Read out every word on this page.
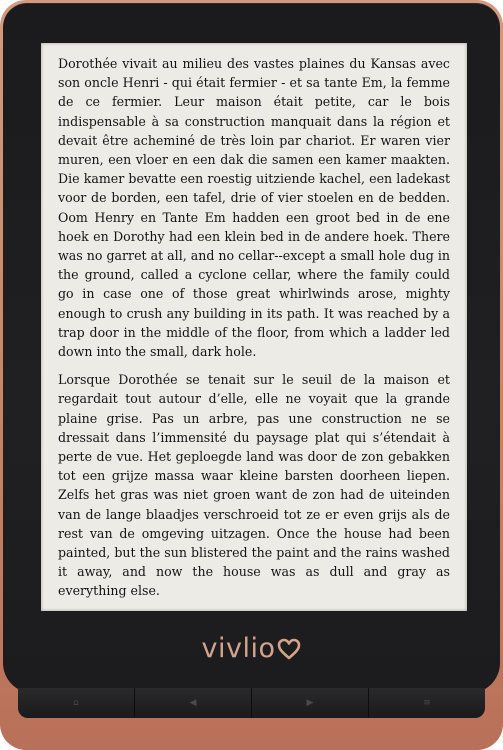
Dorothée vivait au milieu des vastes plaines du Kansas avec son oncle Henri - qui était fermier - et sa tante Em, la femme de ce fermier. Leur maison était petite, car le bois indispensable à sa construction manquait dans la région et devait être acheminé de très loin par chariot. Er waren vier muren, een vloer en een dak die samen een kamer maakten. Die kamer bevatte een roestig uitziende kachel, een ladekast voor de borden, een tafel, drie of vier stoelen en de bedden. Oom Henry en Tante Em hadden een groot bed in de ene hoek en Dorothy had een klein bed in de andere hoek. There was no garret at all, and no cellar--except a small hole dug in the ground, called a cyclone cellar, where the family could go in case one of those great whirlwinds arose, mighty enough to crush any building in its path. It was reached by a trap door in the middle of the floor, from which a ladder led down into the small, dark hole.

Lorsque Dorothée se tenait sur le seuil de la maison et regardait tout autour d’elle, elle ne voyait que la grande plaine grise. Pas un arbre, pas une construction ne se dressait dans l’immensité du paysage plat qui s’étendait à perte de vue. Het geploegde land was door de zon gebakken tot een grijze massa waar kleine barsten doorheen liepen. Zelfs het gras was niet groen want de zon had de uiteinden van de lange blaadjes verschroeid tot ze er even grijs als de rest van de omgeving uitzagen. Once the house had been painted, but the sun blistered the paint and the rains washed it away, and now the house was as dull and gray as everything else.

vivlio
⌂	◀	▶	≡
